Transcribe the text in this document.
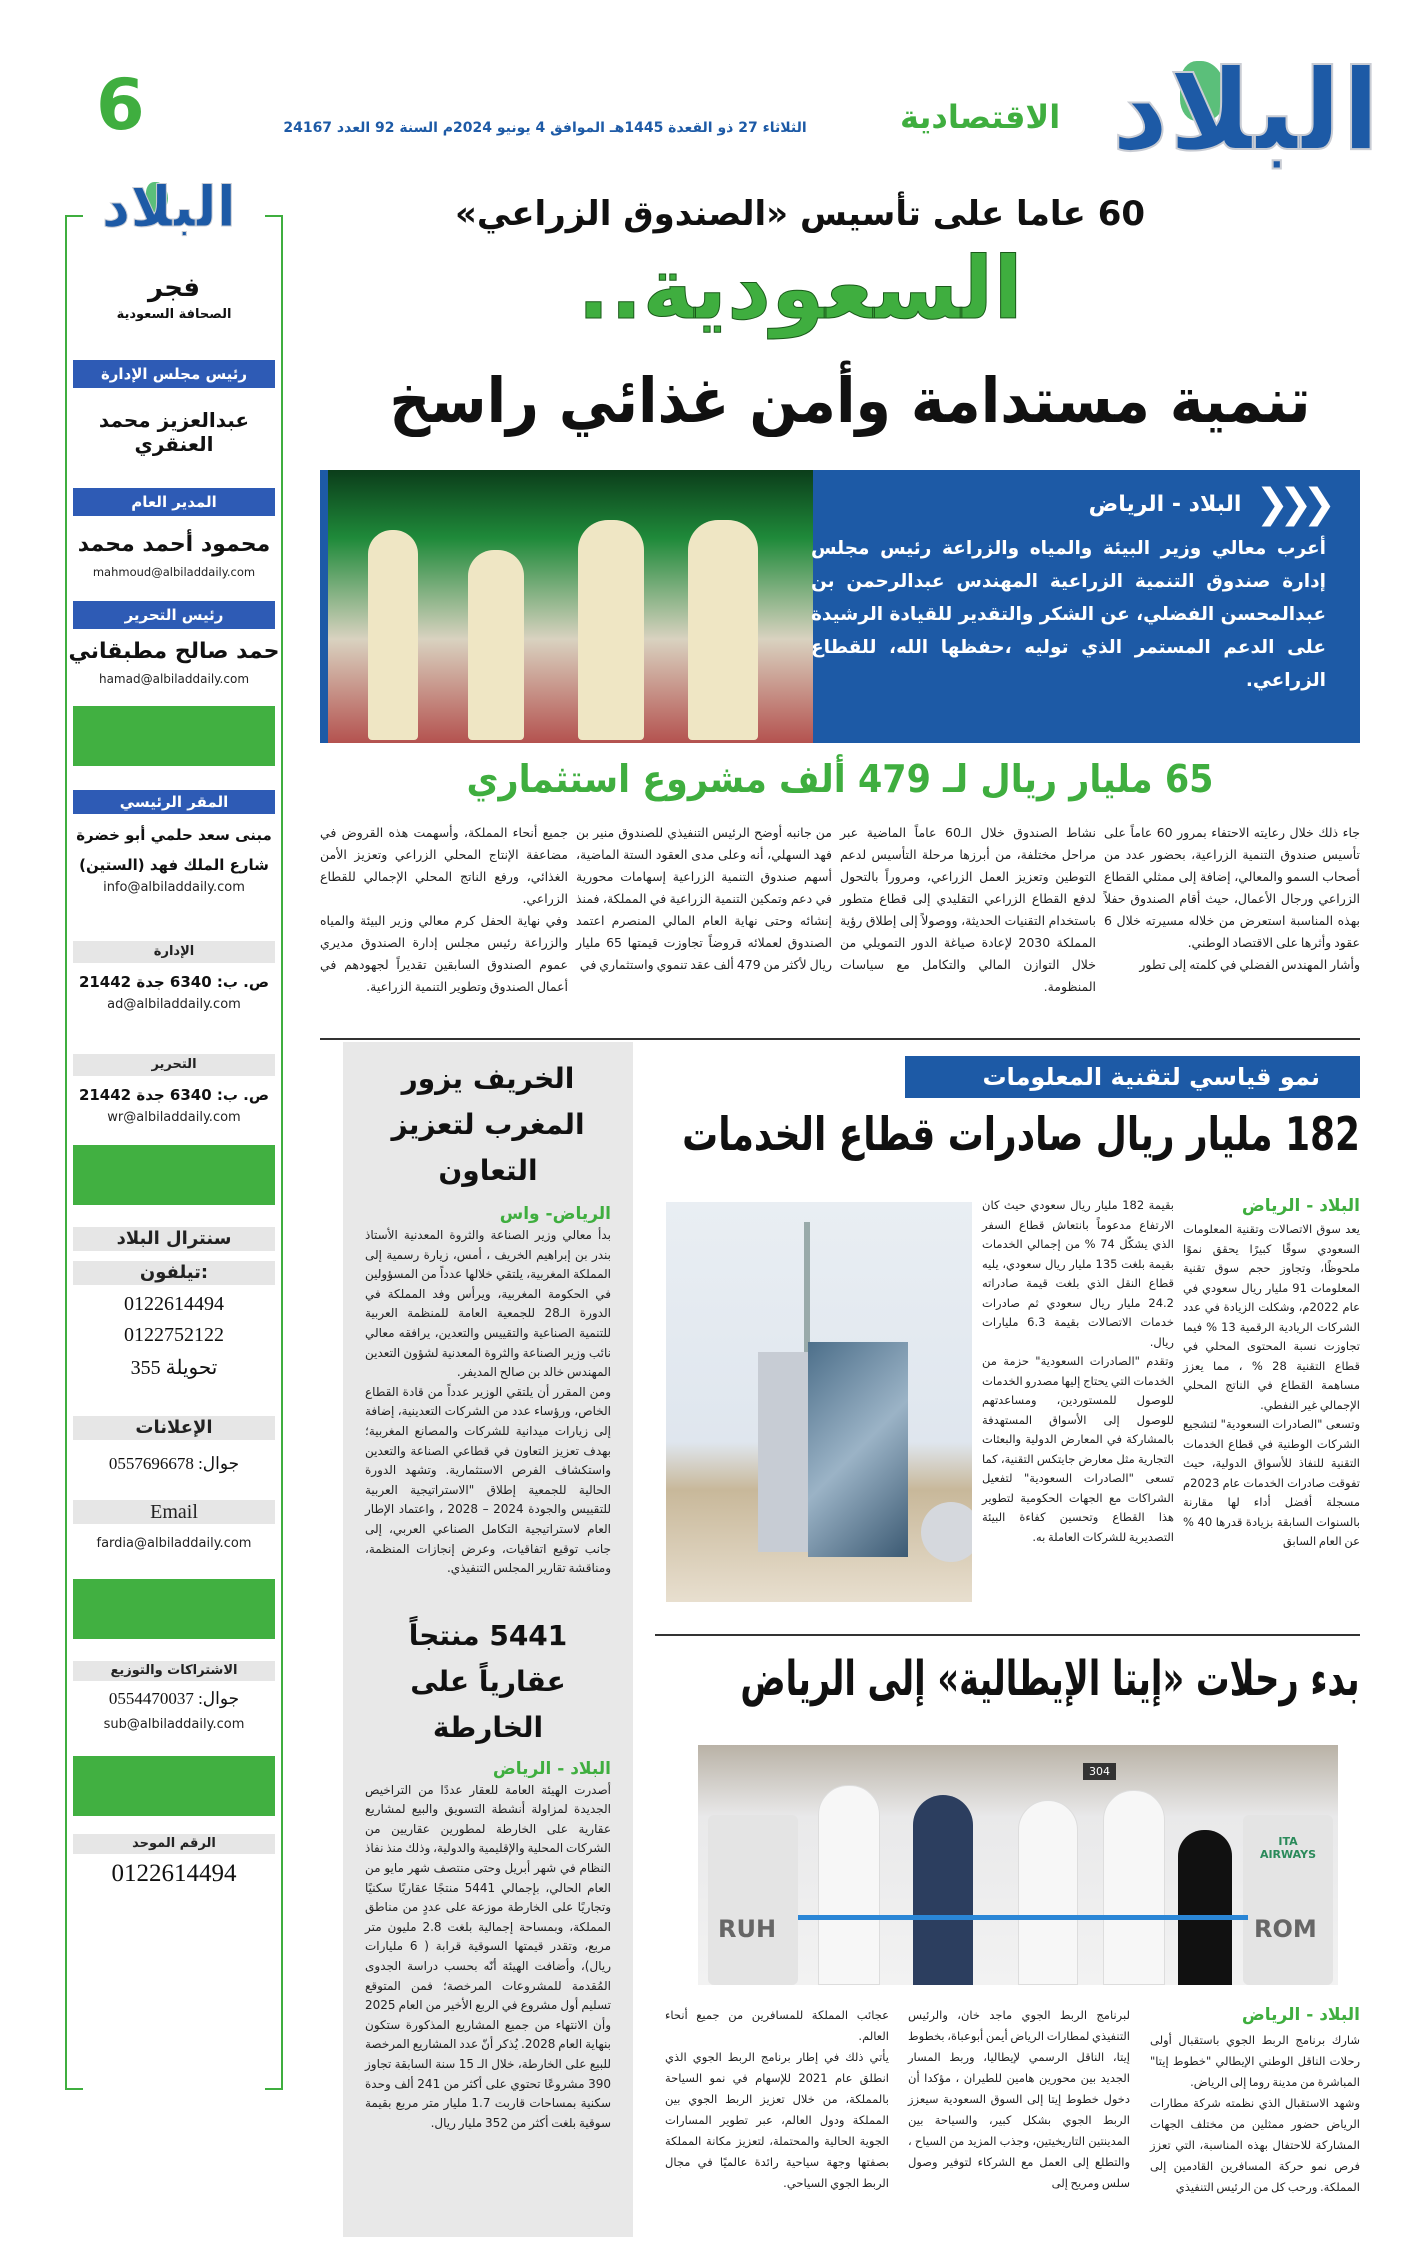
البلاد
الاقتصادية
الثلاثاء 27 ذو القعدة 1445هـ الموافق 4 يونيو 2024م السنة 92 العدد 24167
6
البلاد
فجر
الصحافة السعودية
رئيس مجلس الإدارة
عبدالعزيز محمد العنقري
المدير العام
محمود أحمد محمد
mahmoud@albiladdaily.com
رئيس التحرير
حمد صالح مطبقاني
hamad@albiladdaily.com
المقر الرئيسي
مبنى سعد حلمي أبو خضرة
شارع الملك فهد (الستين)
info@albiladdaily.com
الإدارة
ص. ب: 6340 جدة 21442
ad@albiladdaily.com
التحرير
ص. ب: 6340 جدة 21442
wr@albiladdaily.com
سنترال البلاد
تيلفون:
0122614494
0122752122
تحويلة 355
الإعلانات
جوال: 0557696678
Email
fardia@albiladdaily.com
الاشتراكات والتوزيع
جوال: 0554470037
sub@albiladdaily.com
الرقم الموحد
0122614494
60 عاما على تأسيس «الصندوق الزراعي»
السعودية..
تنمية مستدامة وأمن غذائي راسخ
❮❮❮
البلاد - الرياض
أعرب معالي وزير البيئة والمياه والزراعة رئيس مجلس إدارة صندوق التنمية الزراعية المهندس عبدالرحمن بن عبدالمحسن الفضلي، عن الشكر والتقدير للقيادة الرشيدة على الدعم المستمر الذي توليه ،حفظها الله، للقطاع الزراعي.
65 مليار ريال لـ 479 ألف مشروع استثماري

جاء ذلك خلال رعايته الاحتفاء بمرور 60 عاماً على تأسيس صندوق التنمية الزراعية، بحضور عدد من أصحاب السمو والمعالي، إضافة إلى ممثلي القطاع الزراعي ورجال الأعمال، حيث أقام الصندوق حفلاً بهذه المناسبة استعرض من خلاله مسيرته خلال 6 عقود وأثرها على الاقتصاد الوطني.

وأشار المهندس الفضلي في كلمته إلى تطور

نشاط الصندوق خلال الـ60 عاماً الماضية عبر مراحل مختلفة، من أبرزها مرحلة التأسيس لدعم التوطين وتعزيز العمل الزراعي، ومروراً بالتحول لدفع القطاع الزراعي التقليدي إلى قطاع متطور باستخدام التقنيات الحديثة، ووصولاً إلى إطلاق رؤية المملكة 2030 لإعادة صياغة الدور التمويلي من خلال التوازن المالي والتكامل مع سياسات المنظومة.

من جانبه أوضح الرئيس التنفيذي للصندوق منير بن فهد السهلي، أنه وعلى مدى العقود الستة الماضية، أسهم صندوق التنمية الزراعية إسهامات محورية في دعم وتمكين التنمية الزراعية في المملكة، فمنذ إنشائه وحتى نهاية العام المالي المنصرم اعتمد الصندوق لعملائه قروضاً تجاوزت قيمتها 65 مليار ريال لأكثر من 479 ألف عقد تنموي واستثماري في

جميع أنحاء المملكة، وأسهمت هذه القروض في مضاعفة الإنتاج المحلي الزراعي وتعزيز الأمن الغذائي، ورفع الناتج المحلي الإجمالي للقطاع الزراعي.

وفي نهاية الحفل كرم معالي وزير البيئة والمياه والزراعة رئيس مجلس إدارة الصندوق مديري عموم الصندوق السابقين تقديراً لجهودهم في أعمال الصندوق وتطوير التنمية الزراعية.

الخريف يزور المغرب لتعزيز التعاون
الرياض- واس

بدأ معالي وزير الصناعة والثروة المعدنية الأستاذ بندر بن إبراهيم الخريف ، أمس، زيارة رسمية إلى المملكة المغربية، يلتقي خلالها عدداً من المسؤولين في الحكومة المغربية، ويرأس وفد المملكة في الدورة الـ28 للجمعية العامة للمنظمة العربية للتنمية الصناعية والتقييس والتعدين، يرافقه معالي نائب وزير الصناعة والثروة المعدنية لشؤون التعدين المهندس خالد بن صالح المديفر.

ومن المقرر أن يلتقي الوزير عدداً من قادة القطاع الخاص، ورؤساء عدد من الشركات التعدينية، إضافة إلى زيارات ميدانية للشركات والمصانع المغربية؛ بهدف تعزيز التعاون في قطاعي الصناعة والتعدين واستكشاف الفرص الاستثمارية. وتشهد الدورة الحالية للجمعية إطلاق "الاستراتيجية العربية للتقييس والجودة 2024 – 2028 ، واعتماد الإطار العام لاستراتيجية التكامل الصناعي العربي، إلى جانب توقيع اتفاقيات، وعرض إنجازات المنظمة، ومناقشة تقارير المجلس التنفيذي.

5441 منتجاً عقارياً على الخارطة
البلاد - الرياض

أصدرت الهيئة العامة للعقار عددًا من التراخيص الجديدة لمزاولة أنشطة التسويق والبيع لمشاريع عقارية على الخارطة لمطورين عقاريين من الشركات المحلية والإقليمية والدولية، وذلك منذ نفاذ النظام في شهر أبريل وحتى منتصف شهر مايو من العام الحالي، بإجمالي 5441 منتجًا عقاريًا سكنيًا وتجاريًا على الخارطة موزعة على عددٍ من مناطق المملكة، وبمساحة إجمالية بلغت 2.8 مليون متر مربع، وتقدر قيمتها السوقية قرابة ( 6 مليارات ريال)، وأضافت الهيئة أنّه بحسب دراسة الجدوى المُقدمة للمشروعات المرخصة؛ فمن المتوقع تسليم أول مشروع في الربع الأخير من العام 2025 وأن الانتهاء من جميع المشاريع المذكورة ستكون بنهاية العام 2028. يُذكر أنّ عدد المشاريع المرخصة للبيع على الخارطة، خلال الـ 15 سنة السابقة تجاوز 390 مشروعًا تحتوي على أكثر من 241 ألف وحدة سكنية بمساحات قاربت 1.7 مليار متر مربع بقيمة سوقية بلغت أكثر من 352 مليار ريال.

نمو قياسي لتقنية المعلومات
182 مليار ريال صادرات قطاع الخدمات
البلاد - الرياض

يعد سوق الاتصالات وتقنية المعلومات السعودي سوقًا كبيرًا يحقق نموًا ملحوظًا، وتجاوز حجم سوق تقنية المعلومات 91 مليار ريال سعودي في عام 2022م، وشكلت الزيادة في عدد الشركات الريادية الرقمية 13 % فيما تجاوزت نسبة المحتوى المحلي في قطاع التقنية 28 % ، مما يعزز مساهمة القطاع في الناتج المحلي الإجمالي غير النفطي.

وتسعى "الصادرات السعودية" لتشجيع الشركات الوطنية في قطاع الخدمات التقنية للنفاذ للأسواق الدولية، حيث تفوقت صادرات الخدمات عام 2023م مسجلة أفضل أداء لها مقارنة بالسنوات السابقة بزيادة قدرها 40 % عن العام السابق

بقيمة 182 مليار ريال سعودي حيث كان الارتفاع مدعوماً بانتعاش قطاع السفر الذي يشكّل 74 % من إجمالي الخدمات بقيمة بلغت 135 مليار ريال سعودي، يليه قطاع النقل الذي بلغت قيمة صادراته 24.2 مليار ريال سعودي ثم صادرات خدمات الاتصالات بقيمة 6.3 مليارات ريال.

وتقدم "الصادرات السعودية" حزمة من الخدمات التي يحتاج إليها مصدرو الخدمات للوصول للمستوردين، ومساعدتهم للوصول إلى الأسواق المستهدفة بالمشاركة في المعارض الدولية والبعثات التجارية مثل معارض جايتكس التقنية، كما تسعى "الصادرات السعودية" لتفعيل الشراكات مع الجهات الحكومية لتطوير هذا القطاع وتحسين كفاءة البيئة التصديرية للشركات العاملة به.

بدء رحلات «إيتا الإيطالية» إلى الرياض
RUH
ITA AIRWAYS
ROM
304
البلاد - الرياض

شارك برنامج الربط الجوي باستقبال أولى رحلات الناقل الوطني الإيطالي "خطوط إيتا" المباشرة من مدينة روما إلى الرياض.

وشهد الاستقبال الذي نظمته شركة مطارات الرياض حضور ممثلين من مختلف الجهات المشاركة للاحتفال بهذه المناسبة، التي تعزز فرص نمو حركة المسافرين القادمين إلى المملكة. ورحب كل من الرئيس التنفيذي

لبرنامج الربط الجوي ماجد خان، والرئيس التنفيذي لمطارات الرياض أيمن أبوعباة، بخطوط إيتا، الناقل الرسمي لإيطاليا، وربط المسار الجديد بين محورين هامين للطيران ، مؤكدا أن دخول خطوط إيتا إلى السوق السعودية سيعزز الربط الجوي بشكل كبير، والسياحة بين المدينتين التاريخيتين، وجذب المزيد من السياح ، والتطلع إلى العمل مع الشركاء لتوفير وصول سلس ومريح إلى

عجائب المملكة للمسافرين من جميع أنحاء العالم.

يأتي ذلك في إطار برنامج الربط الجوي الذي انطلق عام 2021 للإسهام في نمو السياحة بالمملكة، من خلال تعزيز الربط الجوي بين المملكة ودول العالم، عبر تطوير المسارات الجوية الحالية والمحتملة، لتعزيز مكانة المملكة بصفتها وجهة سياحية رائدة عالميًا في مجال الربط الجوي السياحي.
